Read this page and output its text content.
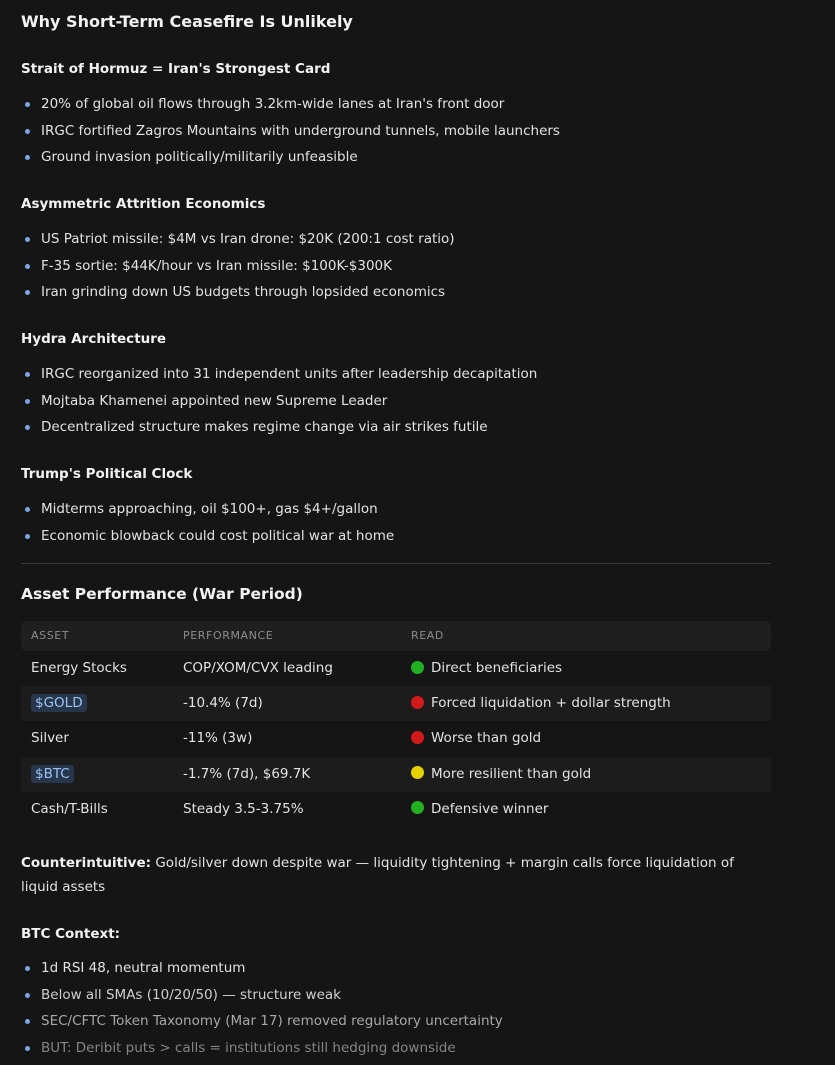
Why Short-Term Ceasefire Is Unlikely
Strait of Hormuz = Iran's Strongest Card
20% of global oil flows through 3.2km-wide lanes at Iran's front door
IRGC fortified Zagros Mountains with underground tunnels, mobile launchers
Ground invasion politically/militarily unfeasible
Asymmetric Attrition Economics
US Patriot missile: $4M vs Iran drone: $20K (200:1 cost ratio)
F-35 sortie: $44K/hour vs Iran missile: $100K-$300K
Iran grinding down US budgets through lopsided economics
Hydra Architecture
IRGC reorganized into 31 independent units after leadership decapitation
Mojtaba Khamenei appointed new Supreme Leader
Decentralized structure makes regime change via air strikes futile
Trump's Political Clock
Midterms approaching, oil $100+, gas $4+/gallon
Economic blowback could cost political war at home
Asset Performance (War Period)
ASSET	PERFORMANCE	READ
Energy Stocks	COP/XOM/CVX leading	Direct beneficiaries
$GOLD	-10.4% (7d)	Forced liquidation + dollar strength
Silver	-11% (3w)	Worse than gold
$BTC	-1.7% (7d), $69.7K	More resilient than gold
Cash/T-Bills	Steady 3.5-3.75%	Defensive winner

Counterintuitive: Gold/silver down despite war — liquidity tightening + margin calls force liquidation of liquid assets

BTC Context:
1d RSI 48, neutral momentum
Below all SMAs (10/20/50) — structure weak
SEC/CFTC Token Taxonomy (Mar 17) removed regulatory uncertainty
BUT: Deribit puts > calls = institutions still hedging downside
